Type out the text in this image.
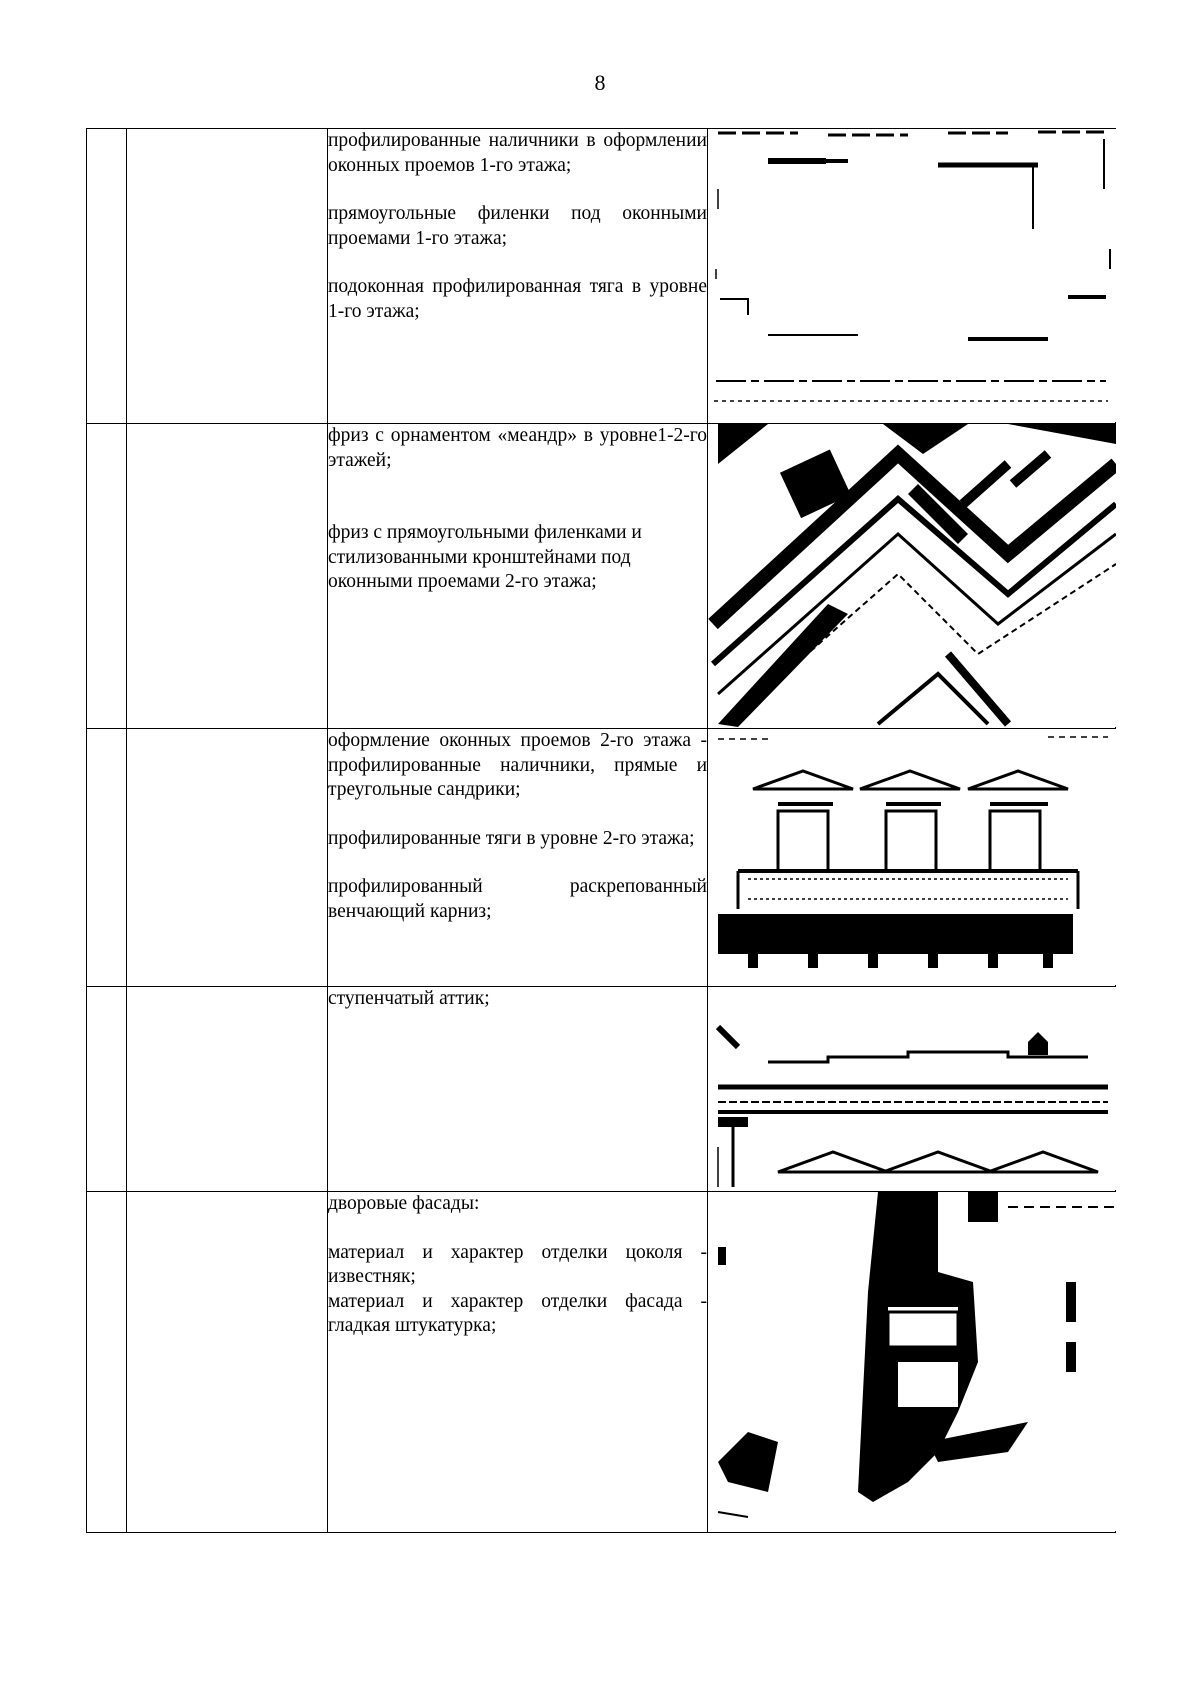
8

		профилированные наличники в оформлении оконных проемов 1-го этажа;

прямоугольные филенки под оконными проемами 1-го этажа;

подоконная профилированная тяга в уровне 1-го этажа;

		фриз с орнаментом «меандр» в уровне1-2-го этажей;

фриз с прямоугольными филенками и стилизованными кронштейнами под оконными проемами 2-го этажа;

		оформление оконных проемов 2-го этажа - профилированные наличники, прямые и треугольные сандрики;

профилированные тяги в уровне 2-го этажа;

профилированный раскрепованный венчающий карниз;

		ступенчатый аттик;

		дворовые фасады:

материал и характер отделки цоколя - известняк;

материал и характер отделки фасада - гладкая штукатурка;
